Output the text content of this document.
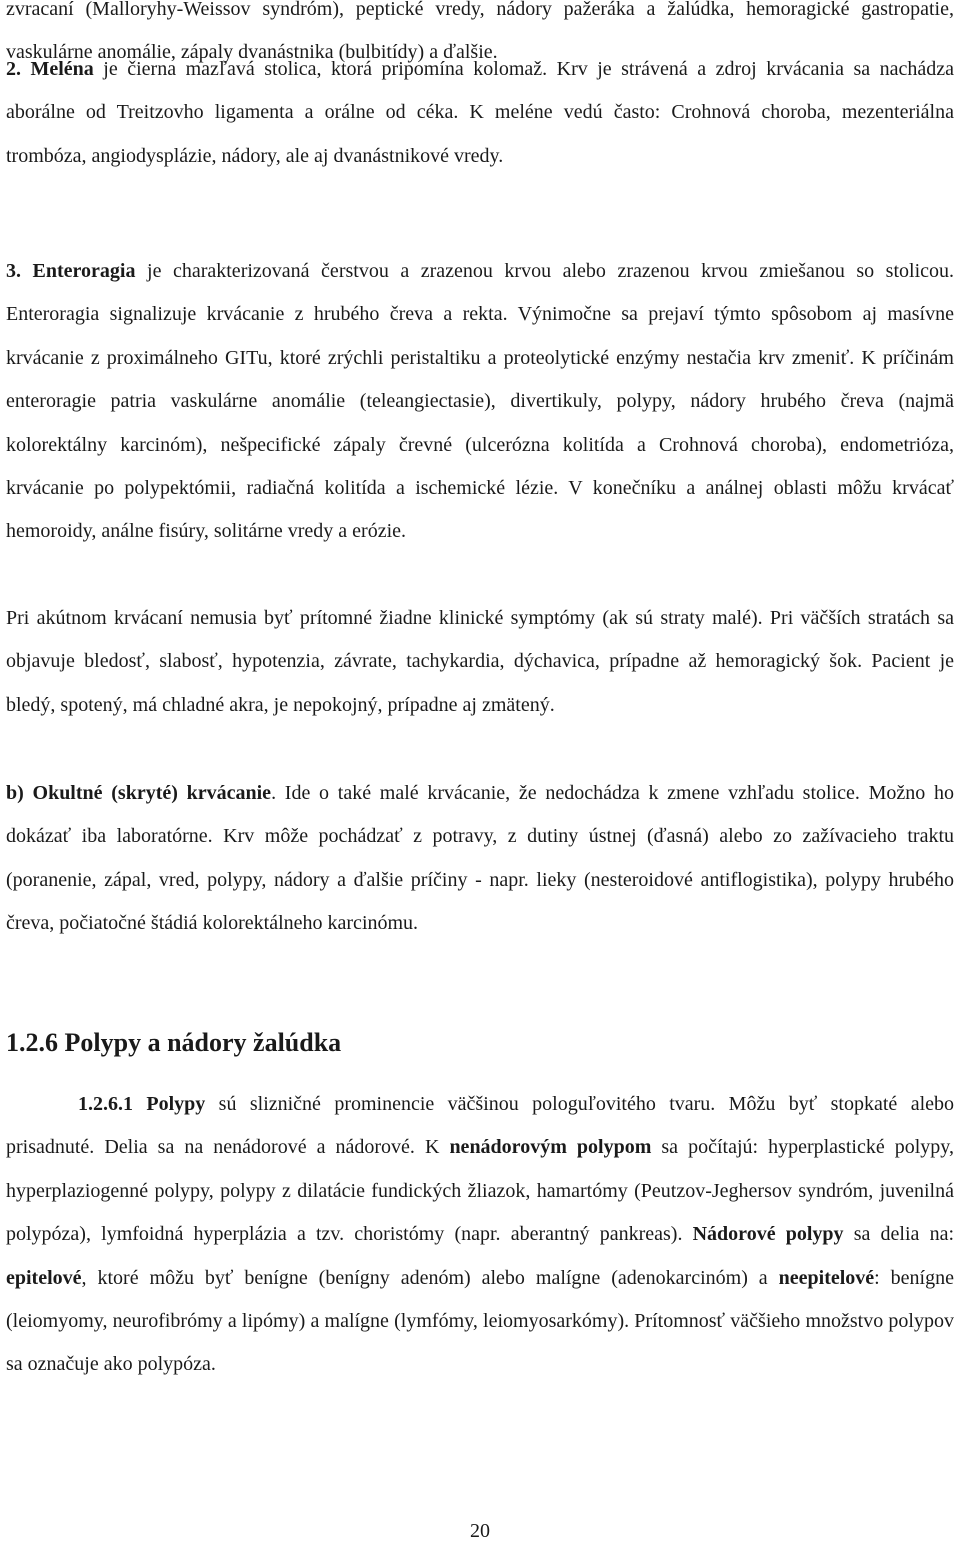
zvracaní (Malloryhy-Weissov syndróm), peptické vredy, nádory pažeráka a žalúdka, hemoragické gastropatie, vaskulárne anomálie, zápaly dvanástnika (bulbitídy) a ďalšie.

2. Meléna je čierna mazľavá stolica, ktorá pripomína kolomaž. Krv je strávená a zdroj krvácania sa nachádza aborálne od Treitzovho ligamenta a orálne od céka. K meléne vedú často: Crohnová choroba, mezenteriálna trombóza, angiodysplázie, nádory, ale aj dvanástnikové vredy.

3. Enteroragia je charakterizovaná čerstvou a zrazenou krvou alebo zrazenou krvou zmiešanou so stolicou. Enteroragia signalizuje krvácanie z hrubého čreva a rekta. Výnimočne sa prejaví týmto spôsobom aj masívne krvácanie z proximálneho GITu, ktoré zrýchli peristaltiku a proteolytické enzýmy nestačia krv zmeniť. K príčinám enteroragie patria vaskulárne anomálie (teleangiectasie), divertikuly, polypy, nádory hrubého čreva (najmä kolorektálny karcinóm), nešpecifické zápaly črevné (ulceróznа kolitída a Crohnová choroba), endometrióza, krvácanie po polypektómii, radiačná kolitída a ischemické lézie. V konečníku a análnej oblasti môžu krvácať hemoroidy, análne fisúry, solitárne vredy a erózie.

Pri akútnom krvácaní nemusia byť prítomné žiadne klinické symptómy (ak sú straty malé). Pri väčších stratách sa objavuje bledosť, slabosť, hypotenzia, závrate, tachykardia, dýchavica, prípadne až hemoragický šok. Pacient je bledý, spotený, má chladné akra, je nepokojný, prípadne aj zmätený.

b) Okultné (skryté) krvácanie. Ide o také malé krvácanie, že nedochádza k zmene vzhľadu stolice. Možno ho dokázať iba laboratórne. Krv môže pochádzať z potravy, z dutiny ústnej (ďasná) alebo zo zažívacieho traktu (poranenie, zápal, vred, polypy, nádory a ďalšie príčiny - napr. lieky (nesteroidové antiflogistika), polypy hrubého čreva, počiatočné štádiá kolorektálneho karcinómu.

1.2.6 Polypy a nádory žalúdka

1.2.6.1 Polypy sú slizničné prominencie väčšinou pologuľovitého tvaru. Môžu byť stopkaté alebo prisadnuté. Delia sa na nenádorové a nádorové. K nenádorovým polypom sa počítajú: hyperplastické polypy, hyperplaziogenné polypy, polypy z dilatácie fundických žliazok, hamartómy (Peutzov-Jeghersov syndróm, juvenilná polypóza), lymfoidná hyperplázia a tzv. choristómy (napr. aberantný pankreas). Nádorové polypy sa delia na: epitelové, ktoré môžu byť benígne (benígny adenóm) alebo malígne (adenokarcinóm) a neepitelové: benígne (leiomyomy, neurofibrómy a lipómy) a malígne (lymfómy, leiomyosarkómy). Prítomnosť väčšieho množstvo polypov sa označuje ako polypóza.

20
